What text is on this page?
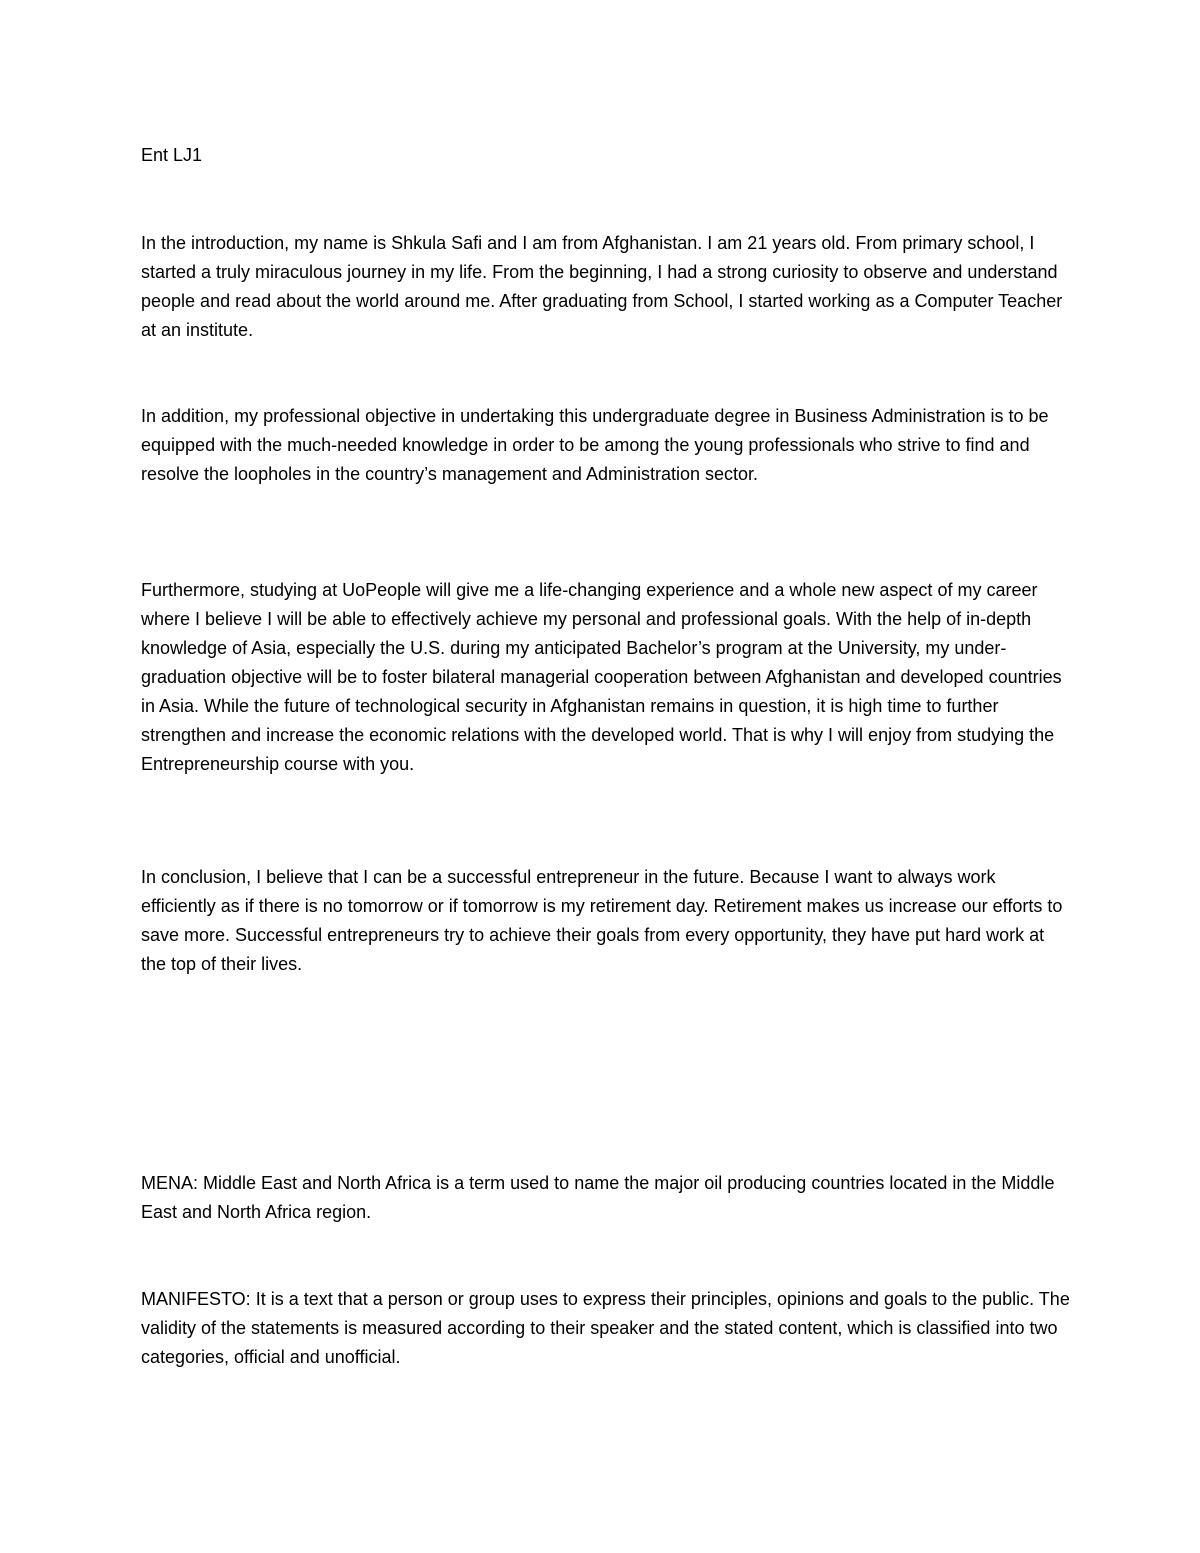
Ent LJ1

In the introduction, my name is Shkula Safi and I am from Afghanistan. I am 21 years old. From primary school, I started a truly miraculous journey in my life. From the beginning, I had a strong curiosity to observe and understand people and read about the world around me. After graduating from School, I started working as a Computer Teacher at an institute.

In addition, my professional objective in undertaking this undergraduate degree in Business Administration is to be equipped with the much-needed knowledge in order to be among the young professionals who strive to find and resolve the loopholes in the country’s management and Administration sector.

Furthermore, studying at UoPeople will give me a life-changing experience and a whole new aspect of my career where I believe I will be able to effectively achieve my personal and professional goals. With the help of in-depth knowledge of Asia, especially the U.S. during my anticipated Bachelor’s program at the University, my under-graduation objective will be to foster bilateral managerial cooperation between Afghanistan and developed countries in Asia. While the future of technological security in Afghanistan remains in question, it is high time to further strengthen and increase the economic relations with the developed world. That is why I will enjoy from studying the Entrepreneurship course with you.

In conclusion, I believe that I can be a successful entrepreneur in the future. Because I want to always work efficiently as if there is no tomorrow or if tomorrow is my retirement day. Retirement makes us increase our efforts to save more. Successful entrepreneurs try to achieve their goals from every opportunity, they have put hard work at the top of their lives.

MENA: Middle East and North Africa is a term used to name the major oil producing countries located in the Middle East and North Africa region.

MANIFESTO: It is a text that a person or group uses to express their principles, opinions and goals to the public. The validity of the statements is measured according to their speaker and the stated content, which is classified into two categories, official and unofficial.
